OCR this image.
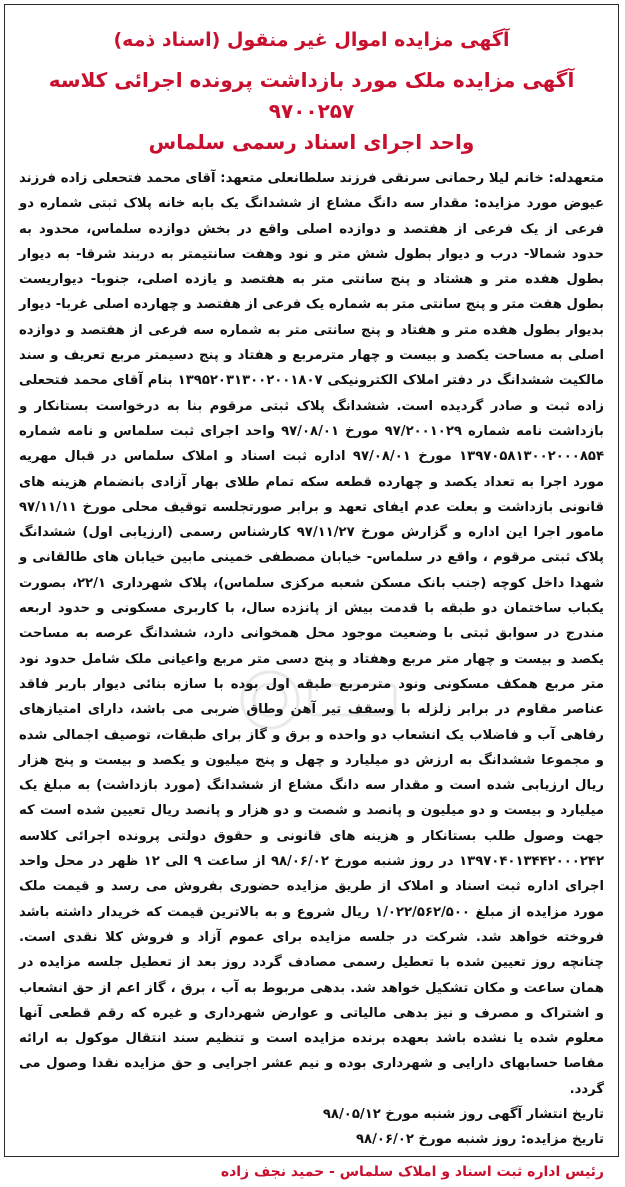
آگهی مزایده اموال غیر منقول (اسناد ذمه)
آگهی مزایده ملک مورد بازداشت پرونده اجرائی کلاسه ۹۷۰۰۲۵۷
واحد اجرای اسناد رسمی سلماس

متعهدله: خانم لیلا رحمانی سرنقی فرزند سلطانعلی متعهد: آقای محمد فتحعلی زاده فرزند عیوض مورد مزایده: مقدار سه دانگ مشاع از ششدانگ یک بابه خانه پلاک ثبتی شماره دو فرعی از یک فرعی از هفتصد و دوازده اصلی واقع در بخش دوازده سلماس، محدود به حدود شمالا- درب و دیوار بطول شش متر و نود وهفت سانتیمتر به دربند شرقا- به دیوار بطول هفده متر و هشتاد و پنج سانتی متر به هفتصد و یازده اصلی، جنوبا- دیواریست بطول هفت متر و پنج سانتی متر به شماره یک فرعی از هفتصد و چهارده اصلی غربا- دیوار بدیوار بطول هفده متر و هفتاد و پنج سانتی متر به شماره سه فرعی از هفتصد و دوازده اصلی به مساحت یکصد و بیست و چهار مترمربع و هفتاد و پنج دسیمتر مربع تعریف و سند مالکیت ششدانگ در دفتر املاک الکترونیکی ۱۳۹۵۲۰۳۱۳۰۰۲۰۰۱۸۰۷ بنام آقای محمد فتحعلی زاده ثبت و صادر گردیده است. ششدانگ پلاک ثبتی مرقوم بنا به درخواست بستانکار و بازداشت نامه شماره ۹۷/۲۰۰۱۰۲۹ مورخ ۹۷/۰۸/۰۱ واحد اجرای ثبت سلماس و نامه شماره ۱۳۹۷۰۵۸۱۳۰۰۲۰۰۰۸۵۴ مورخ ۹۷/۰۸/۰۱ اداره ثبت اسناد و املاک سلماس در قبال مهریه مورد اجرا به تعداد یکصد و چهارده قطعه سکه تمام طلای بهار آزادی بانضمام هزینه های قانونی بازداشت و بعلت عدم ایفای تعهد و برابر صورتجلسه توقیف محلی مورخ ۹۷/۱۱/۱۱ مامور اجرا این اداره و گزارش مورخ ۹۷/۱۱/۲۷ کارشناس رسمی (ارزیابی اول) ششدانگ پلاک ثبتی مرقوم ، واقع در سلماس- خیابان مصطفی خمینی مابین خیابان های طالقانی و شهدا داخل کوچه (جنب بانک مسکن شعبه مرکزی سلماس)، پلاک شهرداری ۲۲/۱، بصورت یکباب ساختمان دو طبقه با قدمت بیش از پانزده سال، با کاربری مسکونی و حدود اربعه مندرج در سوابق ثبتی با وضعیت موجود محل همخوانی دارد، ششدانگ عرصه به مساحت یکصد و بیست و چهار متر مربع وهفتاد و پنج دسی متر مربع واعیانی ملک شامل حدود نود متر مربع همکف مسکونی ونود مترمربع طبقه اول بوده با سازه بنائی دیوار باربر فاقد عناصر مقاوم در برابر زلزله با وسقف تیر آهن وطاق ضربی می باشد، دارای امتیازهای رفاهی آب و فاضلاب یک انشعاب دو واحده و برق و گاز برای طبقات، توصیف اجمالی شده و مجموعا ششدانگ به ارزش دو میلیارد و چهل و پنج میلیون و یکصد و بیست و پنج هزار ریال ارزیابی شده است و مقدار سه دانگ مشاع از ششدانگ (مورد بازداشت) به مبلغ یک میلیارد و بیست و دو میلیون و پانصد و شصت و دو هزار و پانصد ریال تعیین شده است که جهت وصول طلب بستانکار و هزینه های قانونی و حقوق دولتی پرونده اجرائی کلاسه ۱۳۹۷۰۴۰۱۳۴۴۲۰۰۰۲۴۲ در روز شنبه مورخ ۹۸/۰۶/۰۲ از ساعت ۹ الی ۱۲ ظهر در محل واحد اجرای اداره ثبت اسناد و املاک از طریق مزایده حضوری بفروش می رسد و قیمت ملک مورد مزایده از مبلغ ۱/۰۲۲/۵۶۲/۵۰۰ ریال شروع و به بالاترین قیمت که خریدار داشته باشد فروخته خواهد شد. شرکت در جلسه مزایده برای عموم آزاد و فروش کلا نقدی است. چنانچه روز تعیین شده با تعطیل رسمی مصادف گردد روز بعد از تعطیل جلسه مزایده در همان ساعت و مکان تشکیل خواهد شد. بدهی مربوط به آب ، برق ، گاز اعم از حق انشعاب و اشتراک و مصرف و نیز بدهی مالیاتی و عوارض شهرداری و غیره که رقم قطعی آنها معلوم شده یا نشده باشد بعهده برنده مزایده است و تنظیم سند انتقال موکول به ارائه مفاصا حسابهای دارایی و شهرداری بوده و نیم عشر اجرایی و حق مزایده نقدا وصول می گردد.

تاریخ انتشار آگهی روز شنبه مورخ ۹۸/۰۵/۱۲

تاریخ مزایده: روز شنبه مورخ ۹۸/۰۶/۰۲

رئیس اداره ثبت اسناد و املاک سلماس - حمید نجف زاده
